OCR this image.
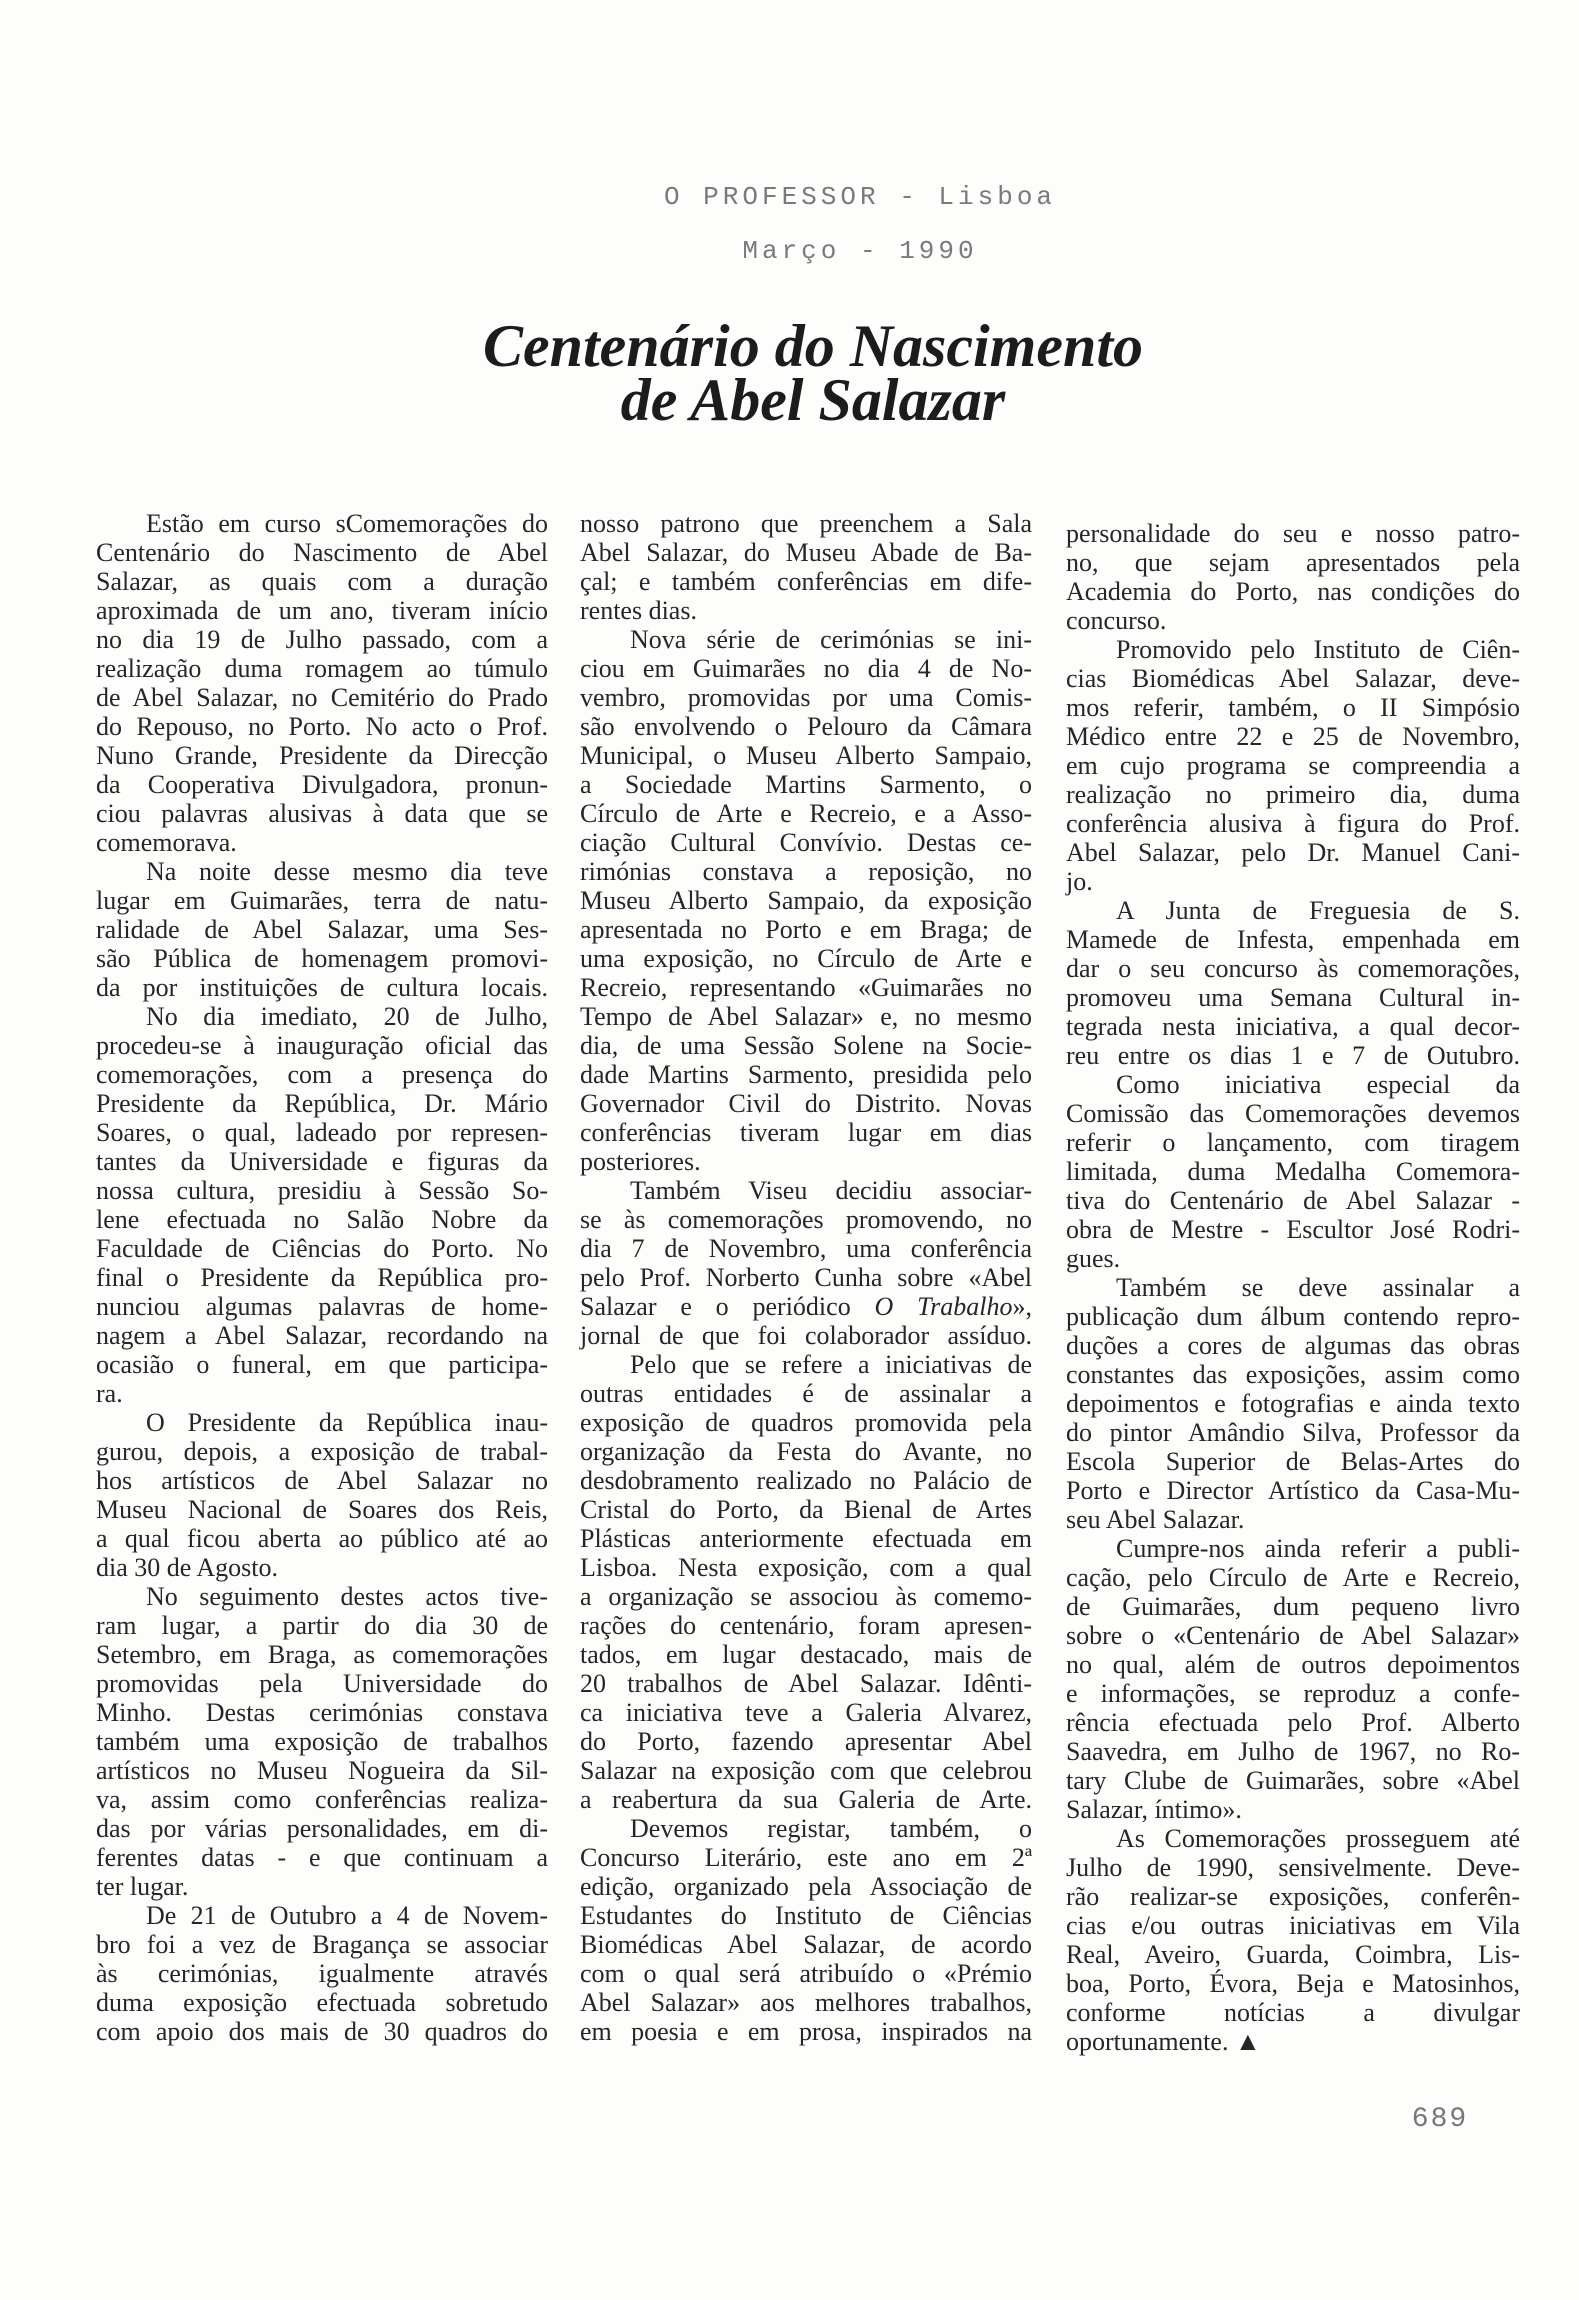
O PROFESSOR - Lisboa
Março - 1990
Centenário do Nascimento
de Abel Salazar
Estão em curso sComemorações do
Centenário do Nascimento de Abel
Salazar, as quais com a duração
aproximada de um ano, tiveram início
no dia 19 de Julho passado, com a
realização duma romagem ao túmulo
de Abel Salazar, no Cemitério do Prado
do Repouso, no Porto. No acto o Prof.
Nuno Grande, Presidente da Direcção
da Cooperativa Divulgadora, pronun-
ciou palavras alusivas à data que se
comemorava.
Na noite desse mesmo dia teve
lugar em Guimarães, terra de natu-
ralidade de Abel Salazar, uma Ses-
são Pública de homenagem promovi-
da por instituições de cultura locais.
No dia imediato, 20 de Julho,
procedeu-se à inauguração oficial das
comemorações, com a presença do
Presidente da República, Dr. Mário
Soares, o qual, ladeado por represen-
tantes da Universidade e figuras da
nossa cultura, presidiu à Sessão So-
lene efectuada no Salão Nobre da
Faculdade de Ciências do Porto. No
final o Presidente da República pro-
nunciou algumas palavras de home-
nagem a Abel Salazar, recordando na
ocasião o funeral, em que participa-
ra.
O Presidente da República inau-
gurou, depois, a exposição de trabal-
hos artísticos de Abel Salazar no
Museu Nacional de Soares dos Reis,
a qual ficou aberta ao público até ao
dia 30 de Agosto.
No seguimento destes actos tive-
ram lugar, a partir do dia 30 de
Setembro, em Braga, as comemorações
promovidas pela Universidade do
Minho. Destas cerimónias constava
também uma exposição de trabalhos
artísticos no Museu Nogueira da Sil-
va, assim como conferências realiza-
das por várias personalidades, em di-
ferentes datas - e que continuam a
ter lugar.
De 21 de Outubro a 4 de Novem-
bro foi a vez de Bragança se associar
às cerimónias, igualmente através
duma exposição efectuada sobretudo
com apoio dos mais de 30 quadros do
nosso patrono que preenchem a Sala
Abel Salazar, do Museu Abade de Ba-
çal; e também conferências em dife-
rentes dias.
Nova série de cerimónias se ini-
ciou em Guimarães no dia 4 de No-
vembro, promovidas por uma Comis-
são envolvendo o Pelouro da Câmara
Municipal, o Museu Alberto Sampaio,
a Sociedade Martins Sarmento, o
Círculo de Arte e Recreio, e a Asso-
ciação Cultural Convívio. Destas ce-
rimónias constava a reposição, no
Museu Alberto Sampaio, da exposição
apresentada no Porto e em Braga; de
uma exposição, no Círculo de Arte e
Recreio, representando «Guimarães no
Tempo de Abel Salazar» e, no mesmo
dia, de uma Sessão Solene na Socie-
dade Martins Sarmento, presidida pelo
Governador Civil do Distrito. Novas
conferências tiveram lugar em dias
posteriores.
Também Viseu decidiu associar-
se às comemorações promovendo, no
dia 7 de Novembro, uma conferência
pelo Prof. Norberto Cunha sobre «Abel
Salazar e o periódico O Trabalho»,
jornal de que foi colaborador assíduo.
Pelo que se refere a iniciativas de
outras entidades é de assinalar a
exposição de quadros promovida pela
organização da Festa do Avante, no
desdobramento realizado no Palácio de
Cristal do Porto, da Bienal de Artes
Plásticas anteriormente efectuada em
Lisboa. Nesta exposição, com a qual
a organização se associou às comemo-
rações do centenário, foram apresen-
tados, em lugar destacado, mais de
20 trabalhos de Abel Salazar. Idênti-
ca iniciativa teve a Galeria Alvarez,
do Porto, fazendo apresentar Abel
Salazar na exposição com que celebrou
a reabertura da sua Galeria de Arte.
Devemos registar, também, o
Concurso Literário, este ano em 2ª
edição, organizado pela Associação de
Estudantes do Instituto de Ciências
Biomédicas Abel Salazar, de acordo
com o qual será atribuído o «Prémio
Abel Salazar» aos melhores trabalhos,
em poesia e em prosa, inspirados na
personalidade do seu e nosso patro-
no, que sejam apresentados pela
Academia do Porto, nas condições do
concurso.
Promovido pelo Instituto de Ciên-
cias Biomédicas Abel Salazar, deve-
mos referir, também, o II Simpósio
Médico entre 22 e 25 de Novembro,
em cujo programa se compreendia a
realização no primeiro dia, duma
conferência alusiva à figura do Prof.
Abel Salazar, pelo Dr. Manuel Cani-
jo.
A Junta de Freguesia de S.
Mamede de Infesta, empenhada em
dar o seu concurso às comemorações,
promoveu uma Semana Cultural in-
tegrada nesta iniciativa, a qual decor-
reu entre os dias 1 e 7 de Outubro.
Como iniciativa especial da
Comissão das Comemorações devemos
referir o lançamento, com tiragem
limitada, duma Medalha Comemora-
tiva do Centenário de Abel Salazar -
obra de Mestre - Escultor José Rodri-
gues.
Também se deve assinalar a
publicação dum álbum contendo repro-
duções a cores de algumas das obras
constantes das exposições, assim como
depoimentos e fotografias e ainda texto
do pintor Amândio Silva, Professor da
Escola Superior de Belas-Artes do
Porto e Director Artístico da Casa-Mu-
seu Abel Salazar.
Cumpre-nos ainda referir a publi-
cação, pelo Círculo de Arte e Recreio,
de Guimarães, dum pequeno livro
sobre o «Centenário de Abel Salazar»
no qual, além de outros depoimentos
e informações, se reproduz a confe-
rência efectuada pelo Prof. Alberto
Saavedra, em Julho de 1967, no Ro-
tary Clube de Guimarães, sobre «Abel
Salazar, íntimo».
As Comemorações prosseguem até
Julho de 1990, sensivelmente. Deve-
rão realizar-se exposições, conferên-
cias e/ou outras iniciativas em Vila
Real, Aveiro, Guarda, Coimbra, Lis-
boa, Porto, Évora, Beja e Matosinhos,
conforme notícias a divulgar
oportunamente. ▲
689
